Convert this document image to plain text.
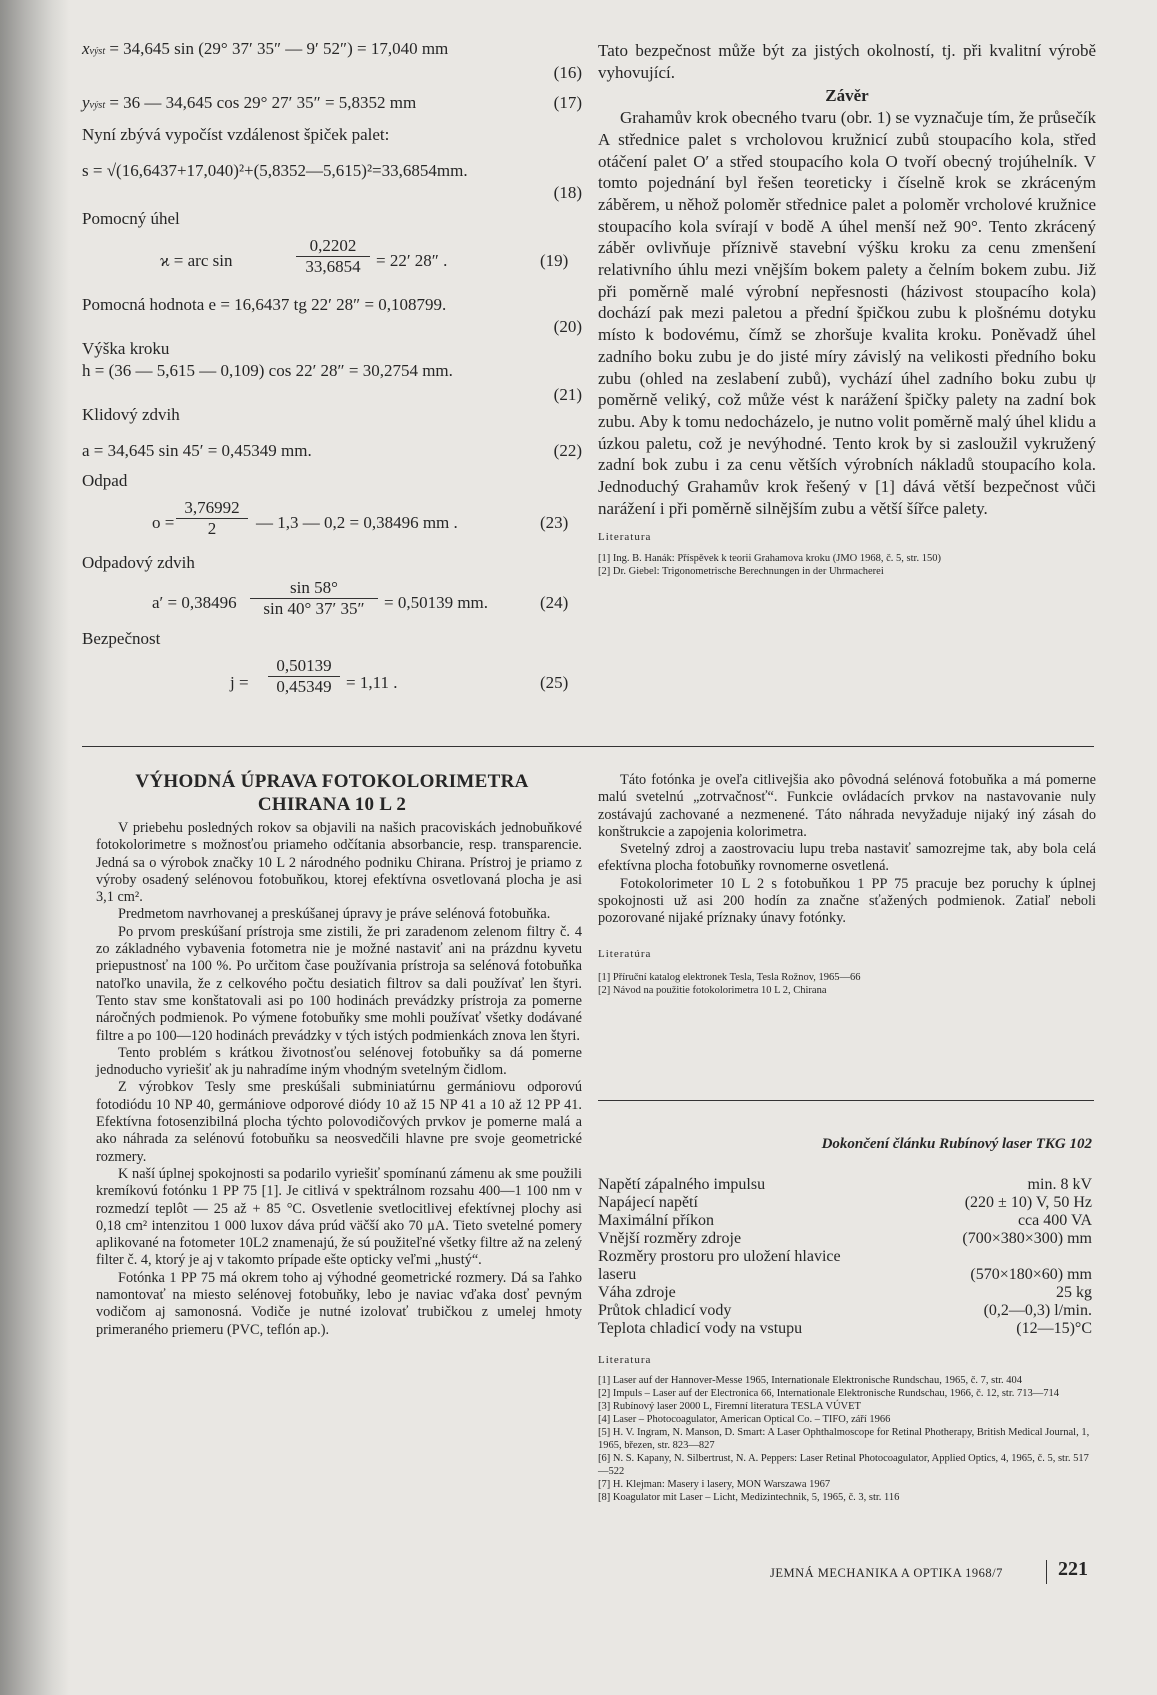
xvýst = 34,645 sin (29° 37′ 35″ — 9′ 52″) = 17,040 mm
(16)
yvýst = 36 — 34,645 cos 29° 27′ 35″ = 5,8352 mm	(17)
Nyní zbývá vypočíst vzdálenost špiček palet:
s = √(16,6437+17,040)²+(5,8352—5,615)²=33,6854mm.
(18)
Pomocný úhel
ϰ = arc sin	$\frac{0,2202}{33,6854} = 22'$ 28″ .	(19)
Pomocná hodnota e = 16,6437 tg 22′ 28″ = 0,108799.
(20)
Výška kroku
h = (36 — 5,615 — 0,109) cos 22′ 28″ = 30,2754 mm.
(21)
Klidový zdvih
a = 34,645 sin 45′ = 0,45349 mm.	(22)
Odpad
$o = \frac{3,76992}{2}$ — 1,3 — 0,2 = 0,38496 mm .	(23)
Odpadový zdvih
$a' = 0,38496 \frac{\sin 58^\circ}{\sin 40^\circ 37' 35''} = 0,50139$ mm.	(24)
Bezpečnost
$j = \frac{0,50139}{0,45349} = 1,11$ .	(25)

Tato bezpečnost může být za jistých okolností, tj. při kvalitní výrobě vyhovující.

Závěr

Grahamův krok obecného tvaru (obr. 1) se vyznačuje tím, že průsečík A střednice palet s vrcholovou kružnicí zubů stoupacího kola, střed otáčení palet O′ a střed stoupacího kola O tvoří obecný trojúhelník. V tomto pojednání byl řešen teoreticky i číselně krok se zkráceným záběrem, u něhož poloměr střednice palet a poloměr vrcholové kružnice stoupacího kola svírají v bodě A úhel menší než 90°. Tento zkrácený záběr ovlivňuje příznivě stavební výšku kroku za cenu zmenšení relativního úhlu mezi vnějším bokem palety a čelním bokem zubu. Již při poměrně malé výrobní nepřesnosti (házivost stoupacího kola) dochází pak mezi paletou a přední špičkou zubu k plošnému dotyku místo k bodovému, čímž se zhoršuje kvalita kroku. Poněvadž úhel zadního boku zubu je do jisté míry závislý na velikosti předního boku zubu (ohled na zeslabení zubů), vychází úhel zadního boku zubu ψ poměrně veliký, což může vést k narážení špičky palety na zadní bok zubu. Aby k tomu nedocházelo, je nutno volit poměrně malý úhel klidu a úzkou paletu, což je nevýhodné. Tento krok by si zasloužil vykružený zadní bok zubu i za cenu větších výrobních nákladů stoupacího kola. Jednoduchý Grahamův krok řešený v [1] dává větší bezpečnost vůči narážení i při poměrně silnějším zubu a větší šířce palety.

Literatura
[1] Ing. B. Hanák: Příspěvek k teorii Grahamova kroku (JMO 1968, č. 5, str. 150)
[2] Dr. Giebel: Trigonometrische Berechnungen in der Uhrmacherei
VÝHODNÁ ÚPRAVA FOTOKOLORIMETRA
CHIRANA 10 L 2

V priebehu posledných rokov sa objavili na našich pracoviskách jednobuňkové fotokolorimetre s možnosťou priameho odčítania absorbancie, resp. transparencie. Jedná sa o výrobok značky 10 L 2 národného podniku Chirana. Prístroj je priamo z výroby osadený selénovou fotobuňkou, ktorej efektívna osvetlovaná plocha je asi 3,1 cm².

Predmetom navrhovanej a preskúšanej úpravy je práve selénová fotobuňka.

Po prvom preskúšaní prístroja sme zistili, že pri zaradenom zelenom filtry č. 4 zo základného vybavenia fotometra nie je možné nastaviť ani na prázdnu kyvetu priepustnosť na 100 %. Po určitom čase používania prístroja sa selénová fotobuňka natoľko unavila, že z celkového počtu desiatich filtrov sa dali používať len štyri. Tento stav sme konštatovali asi po 100 hodinách prevádzky prístroja za pomerne náročných podmienok. Po výmene fotobuňky sme mohli používať všetky dodávané filtre a po 100—120 hodinách prevádzky v tých istých podmienkách znova len štyri.

Tento problém s krátkou životnosťou selénovej fotobuňky sa dá pomerne jednoducho vyriešiť ak ju nahradíme iným vhodným svetelným čidlom.

Z výrobkov Tesly sme preskúšali subminiatúrnu germániovu odporovú fotodiódu 10 NP 40, germániove odporové diódy 10 až 15 NP 41 a 10 až 12 PP 41. Efektívna fotosenzibilná plocha týchto polovodičových prvkov je pomerne malá a ako náhrada za selénovú fotobuňku sa neosvedčili hlavne pre svoje geometrické rozmery.

K naší úplnej spokojnosti sa podarilo vyriešiť spomínanú zámenu ak sme použili kremíkovú fotónku 1 PP 75 [1]. Je citlivá v spektrálnom rozsahu 400—1 100 nm v rozmedzí teplôt — 25 až + 85 °C. Osvetlenie svetlocitlivej efektívnej plochy asi 0,18 cm² intenzitou 1 000 luxov dáva prúd väčší ako 70 μA. Tieto svetelné pomery aplikované na fotometer 10L2 znamenajú, že sú použiteľné všetky filtre až na zelený filter č. 4, ktorý je aj v takomto prípade ešte opticky veľmi „hustý“.

Fotónka 1 PP 75 má okrem toho aj výhodné geometrické rozmery. Dá sa ľahko namontovať na miesto selénovej fotobuňky, lebo je naviac vďaka dosť pevným vodičom aj samonosná. Vodiče je nutné izolovať trubičkou z umelej hmoty primeraného priemeru (PVC, teflón ap.).

Táto fotónka je oveľa citlivejšia ako pôvodná selénová fotobuňka a má pomerne malú svetelnú „zotrvačnosť“. Funkcie ovládacích prvkov na nastavovanie nuly zostávajú zachované a nezmenené. Táto náhrada nevyžaduje nijaký iný zásah do konštrukcie a zapojenia kolorimetra.

Svetelný zdroj a zaostrovaciu lupu treba nastaviť samozrejme tak, aby bola celá efektívna plocha fotobuňky rovnomerne osvetlená.

Fotokolorimeter 10 L 2 s fotobuňkou 1 PP 75 pracuje bez poruchy k úplnej spokojnosti už asi 200 hodín za značne sťažených podmienok. Zatiaľ neboli pozorované nijaké príznaky únavy fotónky.

Literatúra
[1] Příruční katalog elektronek Tesla, Tesla Rožnov, 1965—66
[2] Návod na použitie fotokolorimetra 10 L 2, Chirana
Dokončení článku Rubínový laser TKG 102
Napětí zápalného impulsu	min. 8 kV
Napájecí napětí	(220 ± 10) V, 50 Hz
Maximální příkon	cca 400 VA
Vnější rozměry zdroje	(700×380×300) mm
Rozměry prostoru pro uložení hlavice	
laseru	(570×180×60) mm
Váha zdroje	25 kg
Průtok chladicí vody	(0,2—0,3) l/min.
Teplota chladicí vody na vstupu	(12—15)°C
Literatura
[1] Laser auf der Hannover-Messe 1965, Internationale Elektronische Rundschau, 1965, č. 7, str. 404
[2] Impuls – Laser auf der Electronica 66, Internationale Elektronische Rundschau, 1966, č. 12, str. 713—714
[3] Rubínový laser 2000 L, Firemní literatura TESLA VÚVET
[4] Laser – Photocoagulator, American Optical Co. – TIFO, září 1966
[5] H. V. Ingram, N. Manson, D. Smart: A Laser Ophthalmoscope for Retinal Photherapy, British Medical Journal, 1, 1965, březen, str. 823—827
[6] N. S. Kapany, N. Silbertrust, N. A. Peppers: Laser Retinal Photocoagulator, Applied Optics, 4, 1965, č. 5, str. 517—522
[7] H. Klejman: Masery i lasery, MON Warszawa 1967
[8] Koagulator mit Laser – Licht, Medizintechnik, 5, 1965, č. 3, str. 116
JEMNÁ MECHANIKA A OPTIKA 1968/7	221
